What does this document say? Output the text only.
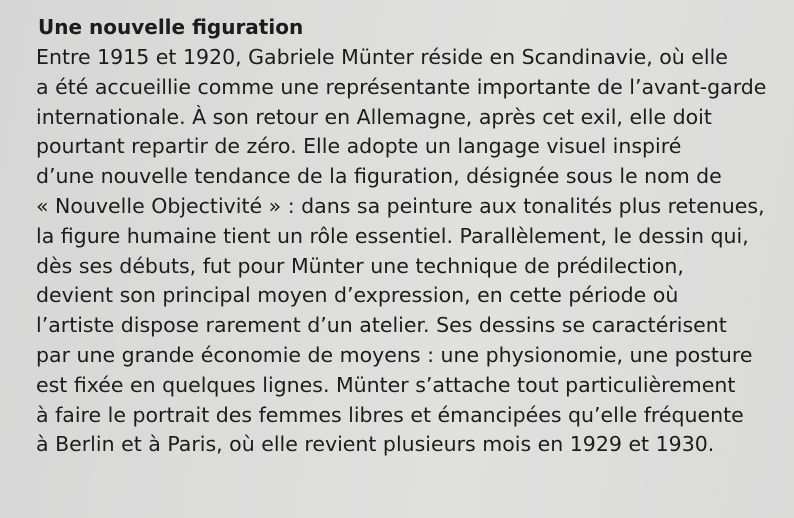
Une nouvelle figuration
Entre 1915 et 1920, Gabriele Münter réside en Scandinavie, où elle
a été accueillie comme une représentante importante de l’avant-garde
internationale. À son retour en Allemagne, après cet exil, elle doit
pourtant repartir de zéro. Elle adopte un langage visuel inspiré
d’une nouvelle tendance de la figuration, désignée sous le nom de
« Nouvelle Objectivité » : dans sa peinture aux tonalités plus retenues,
la figure humaine tient un rôle essentiel. Parallèlement, le dessin qui,
dès ses débuts, fut pour Münter une technique de prédilection,
devient son principal moyen d’expression, en cette période où
l’artiste dispose rarement d’un atelier. Ses dessins se caractérisent
par une grande économie de moyens : une physionomie, une posture
est fixée en quelques lignes. Münter s’attache tout particulièrement
à faire le portrait des femmes libres et émancipées qu’elle fréquente
à Berlin et à Paris, où elle revient plusieurs mois en 1929 et 1930.
